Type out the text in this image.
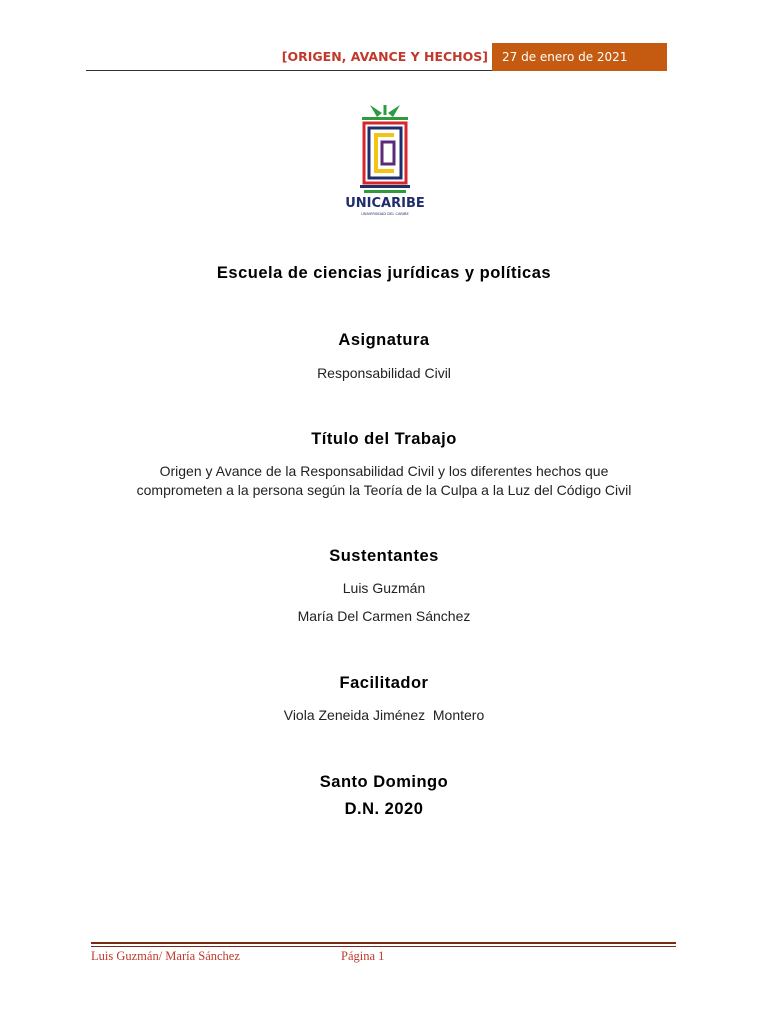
[ORIGEN, AVANCE Y HECHOS]	27 de enero de 2021
UNICARIBE
UNIVERSIDAD DEL CARIBE
Escuela de ciencias jurídicas y políticas
Asignatura
Responsabilidad Civil
Título del Trabajo
Origen y Avance de la Responsabilidad Civil y los diferentes hechos que
comprometen a la persona según la Teoría de la Culpa a la Luz del Código Civil
Sustentantes
Luis Guzmán
María Del Carmen Sánchez
Facilitador
Viola Zeneida Jiménez  Montero
Santo Domingo
D.N. 2020
Luis Guzmán/ María Sánchez	Página 1
